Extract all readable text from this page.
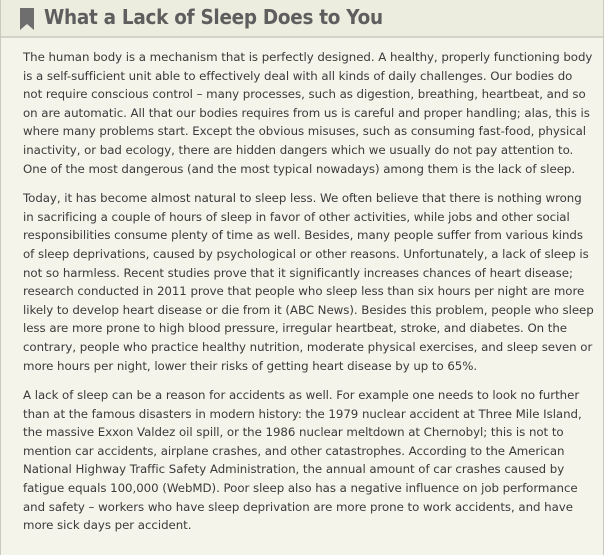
What a Lack of Sleep Does to You

The human body is a mechanism that is perfectly designed. A healthy, properly functioning body is a self-sufficient unit able to effectively deal with all kinds of daily challenges. Our bodies do not require conscious control – many processes, such as digestion, breathing, heartbeat, and so on are automatic. All that our bodies requires from us is careful and proper handling; alas, this is where many problems start. Except the obvious misuses, such as consuming fast-food, physical inactivity, or bad ecology, there are hidden dangers which we usually do not pay attention to. One of the most dangerous (and the most typical nowadays) among them is the lack of sleep.

Today, it has become almost natural to sleep less. We often believe that there is nothing wrong in sacrificing a couple of hours of sleep in favor of other activities, while jobs and other social responsibilities consume plenty of time as well. Besides, many people suffer from various kinds of sleep deprivations, caused by psychological or other reasons. Unfortunately, a lack of sleep is not so harmless. Recent studies prove that it significantly increases chances of heart disease; research conducted in 2011 prove that people who sleep less than six hours per night are more likely to develop heart disease or die from it (ABC News). Besides this problem, people who sleep less are more prone to high blood pressure, irregular heartbeat, stroke, and diabetes. On the contrary, people who practice healthy nutrition, moderate physical exercises, and sleep seven or more hours per night, lower their risks of getting heart disease by up to 65%.

A lack of sleep can be a reason for accidents as well. For example one needs to look no further than at the famous disasters in modern history: the 1979 nuclear accident at Three Mile Island, the massive Exxon Valdez oil spill, or the 1986 nuclear meltdown at Chernobyl; this is not to mention car accidents, airplane crashes, and other catastrophes. According to the American National Highway Traffic Safety Administration, the annual amount of car crashes caused by fatigue equals 100,000 (WebMD). Poor sleep also has a negative influence on job performance and safety – workers who have sleep deprivation are more prone to work accidents, and have more sick days per accident.
